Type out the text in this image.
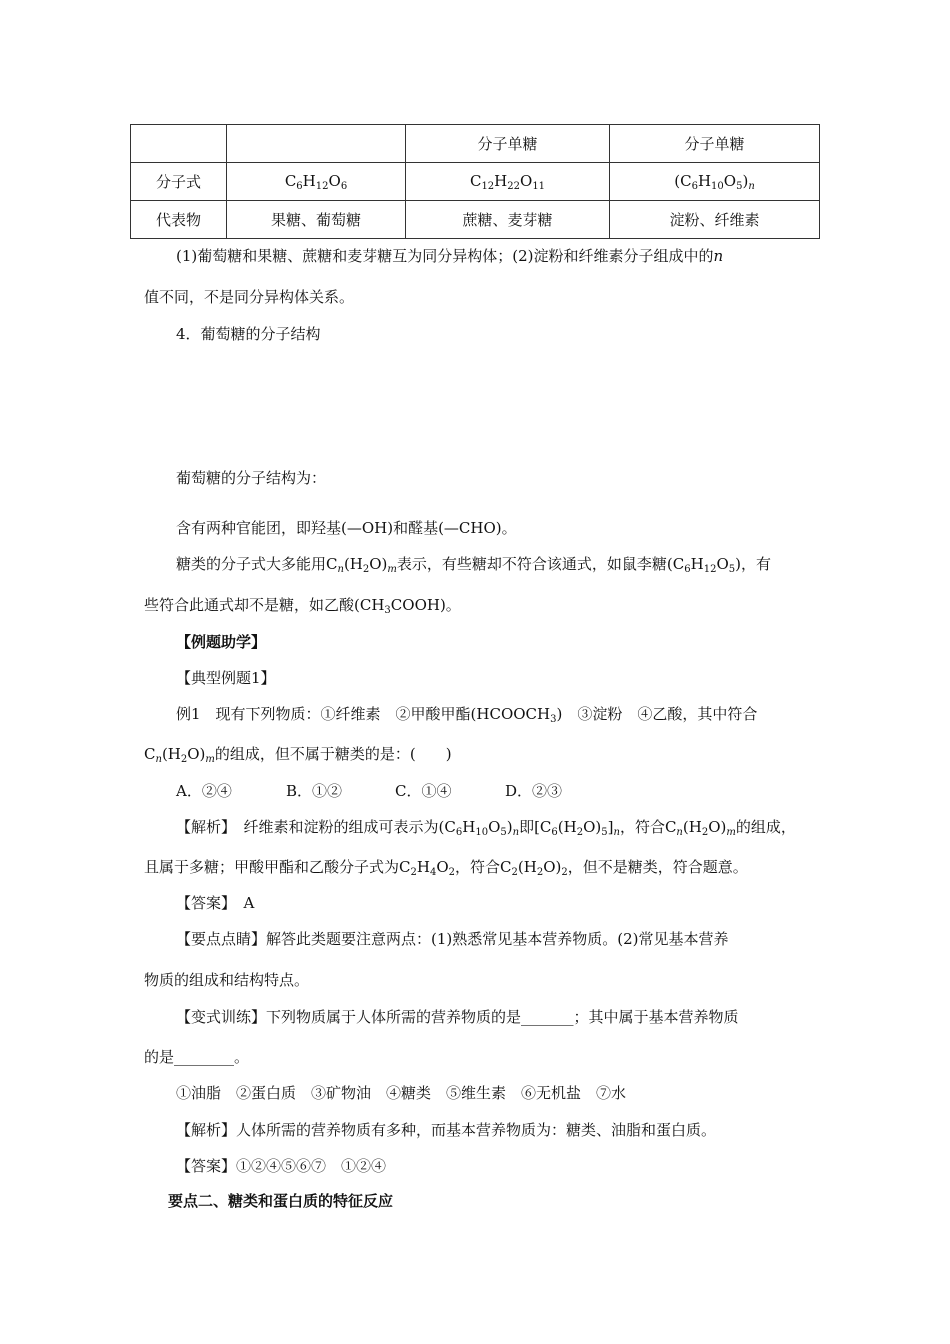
		分子单糖	分子单糖
分子式	$C_6H_{12}O_6$	$C_{12}H_{22}O_{11}$	$(C_6H_{10}O_5)_n$
代表物	果糖、葡萄糖	蔗糖、麦芽糖	淀粉、纤维素
(1)葡萄糖和果糖、蔗糖和麦芽糖互为同分异构体；(2)淀粉和纤维素分子组成中的n
值不同，不是同分异构体关系。
4．葡萄糖的分子结构
葡萄糖的分子结构为：
含有两种官能团，即羟基(—OH)和醛基(—CHO)。
糖类的分子式大多能用$C_n(H_2O)_m$表示，有些糖却不符合该通式，如鼠李糖$(C_6H_{12}O_5)$，有
些符合此通式却不是糖，如乙酸$(CH_3COOH)$。
【例题助学】
【典型例题1】
例1　现有下列物质：①纤维素　②甲酸甲酯$(HCOOCH_3)$　③淀粉　④乙酸，其中符合
$C_n(H_2O)_m$的组成，但不属于糖类的是：(　　)
A．②④	B．①②	C．①④	D．②③
【解析】　纤维素和淀粉的组成可表示为$(C_6H_{10}O_5)_n$即$[C_6(H_2O)_5]_n$，符合$C_n(H_2O)_m$的组成，
且属于多糖；甲酸甲酯和乙酸分子式为$C_2H_4O_2$，符合$C_2(H_2O)_2$，但不是糖类，符合题意。
【答案】　A
【要点点睛】解答此类题要注意两点：(1)熟悉常见基本营养物质。(2)常见基本营养
物质的组成和结构特点。
【变式训练】下列物质属于人体所需的营养物质的是_______；其中属于基本营养物质
的是________。
①油脂　②蛋白质　③矿物油　④糖类　⑤维生素　⑥无机盐　⑦水
【解析】人体所需的营养物质有多种，而基本营养物质为：糖类、油脂和蛋白质。
【答案】①②④⑤⑥⑦　①②④
要点二、糖类和蛋白质的特征反应
